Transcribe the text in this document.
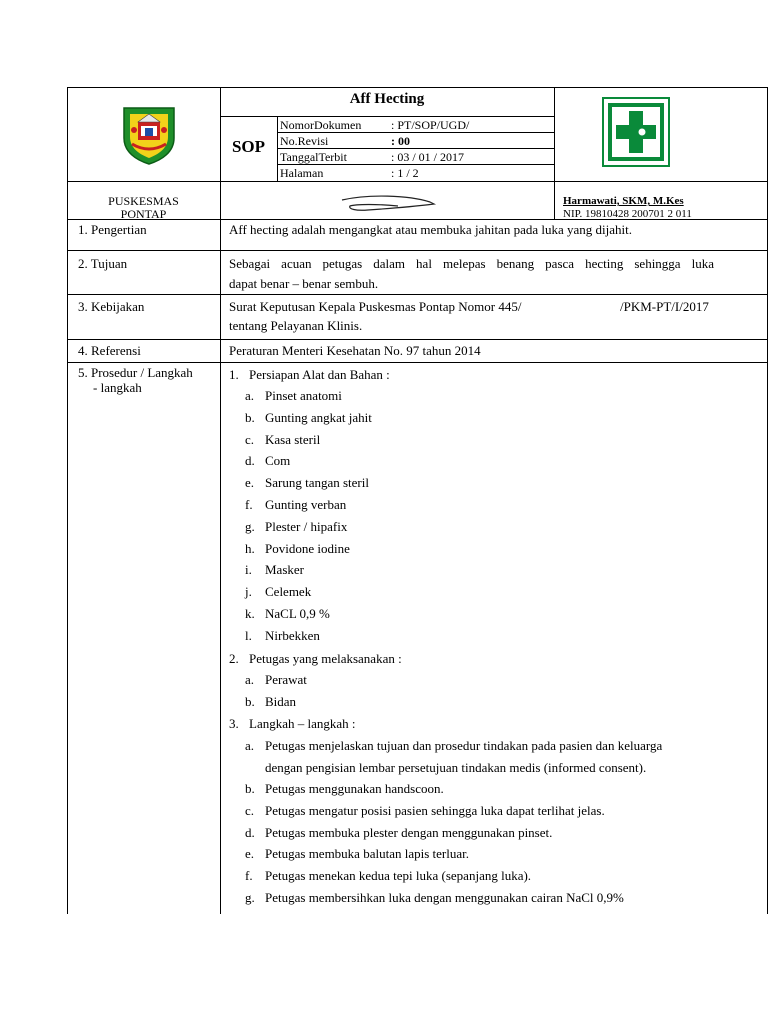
Aff Hecting
SOP
NomorDokumen : PT/SOP/UGD/
No.Revisi	: 00
TanggalTerbit	: 03 / 01 / 2017
Halaman	: 1 / 2
PUSKESMAS
PONTAP
Harmawati, SKM, M.Kes
NIP. 19810428 200701 2 011
1. Pengertian	Aff hecting adalah mengangkat atau membuka jahitan pada luka yang dijahit.
2. Tujuan	Sebagai acuan petugas dalam hal melepas benang pasca hecting sehingga luka
dapat benar – benar sembuh.
3. Kebijakan	Surat Keputusan Kepala Puskesmas Pontap Nomor 445/	/PKM-PT/I/2017
tentang Pelayanan Klinis.
4. Referensi	Peraturan Menteri Kesehatan No. 97 tahun 2014
5. Prosedur / Langkah
- langkah
1. Persiapan Alat dan Bahan :
a. Pinset anatomi
b. Gunting angkat jahit
c. Kasa steril
d. Com
e. Sarung tangan steril
f. Gunting verban
g. Plester / hipafix
h. Povidone iodine
i. Masker
j. Celemek
k. NaCL 0,9 %
l. Nirbekken
2. Petugas yang melaksanakan :
a. Perawat
b. Bidan
3. Langkah – langkah :
a. Petugas menjelaskan tujuan dan prosedur tindakan pada pasien dan keluarga
dengan pengisian lembar persetujuan tindakan medis (informed consent).
b. Petugas menggunakan handscoon.
c. Petugas mengatur posisi pasien sehingga luka dapat terlihat jelas.
d. Petugas membuka plester dengan menggunakan pinset.
e. Petugas membuka balutan lapis terluar.
f. Petugas menekan kedua tepi luka (sepanjang luka).
g. Petugas membersihkan luka dengan menggunakan cairan NaCl 0,9%
